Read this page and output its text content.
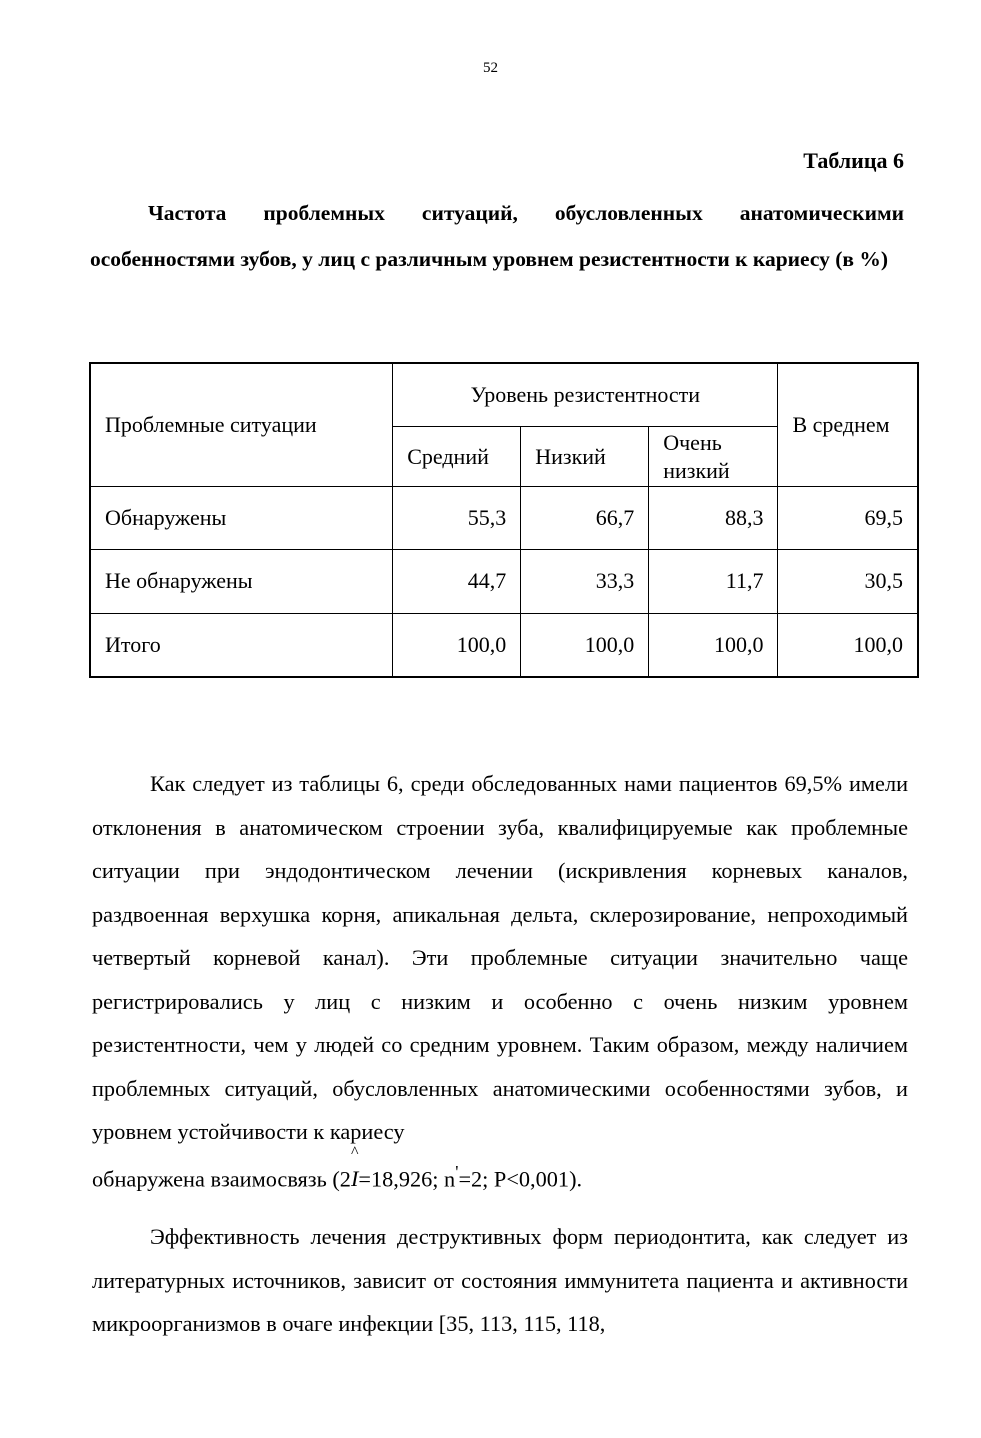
52
Таблица 6
Частота проблемных ситуаций, обусловленных анатомическими особенностями зубов, у лиц с различным уровнем резистентности к кариесу (в %)
Проблемные ситуации	Уровень резистентности			В среднем
	Средний	Низкий	Очень низкий	
Обнаружены	55,3	66,7	88,3	69,5
Не обнаружены	44,7	33,3	11,7	30,5
Итого	100,0	100,0	100,0	100,0
Как следует из таблицы 6, среди обследованных нами пациентов 69,5% имели отклонения в анатомическом строении зуба, квалифицируемые как проблемные ситуации при эндодонтическом лечении (искривления корневых каналов, раздвоенная верхушка корня, апикальная дельта, склерозирование, непроходимый четвертый корневой канал). Эти проблемные ситуации значительно чаще регистрировались у лиц с низким и особенно с очень низким уровнем резистентности, чем у людей со средним уровнем. Таким образом, между наличием проблемных ситуаций, обусловленных анатомическими особенностями зубов, и уровнем устойчивости к кариесу
обнаружена взаимосвязь (2
^
I=18,926; n'=2; P<0,001).
Эффективность лечения деструктивных форм периодонтита, как следует из литературных источников, зависит от состояния иммунитета пациента и активности микроорганизмов в очаге инфекции [35, 113, 115, 118,
